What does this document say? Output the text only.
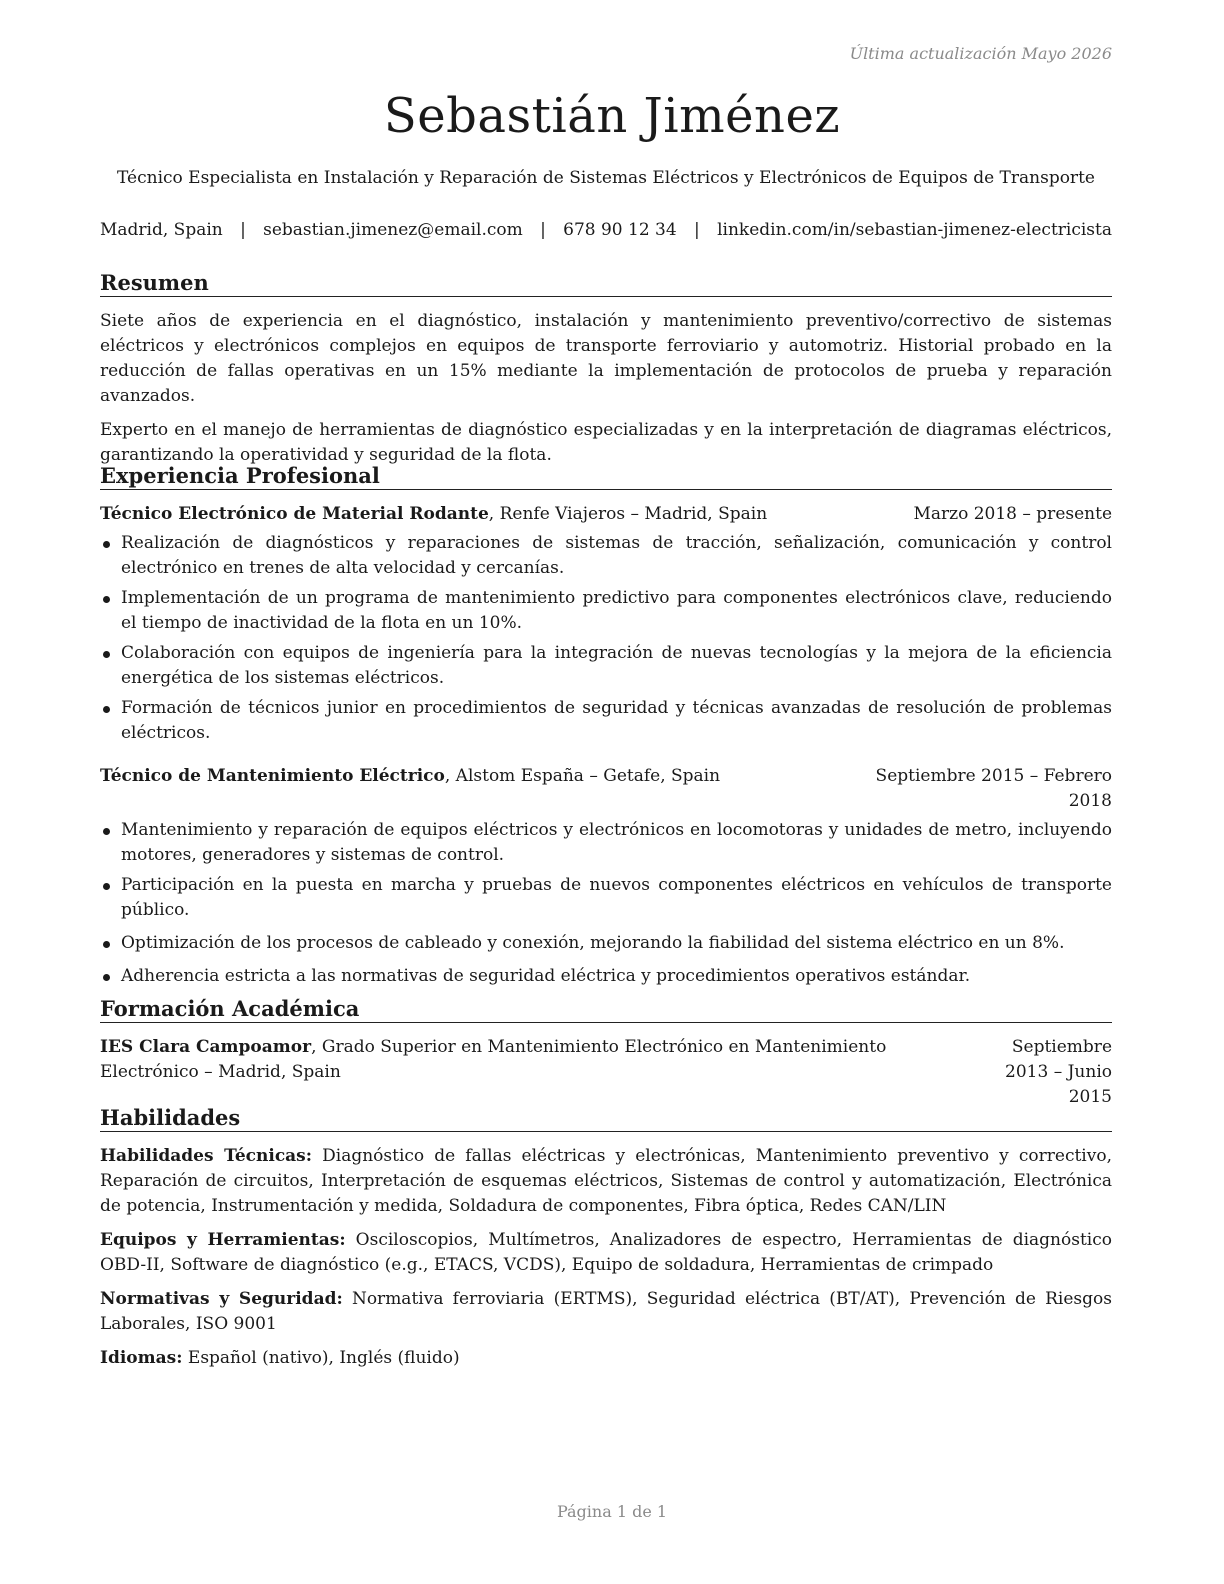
Última actualización Mayo 2026
Sebastián Jiménez
Técnico Especialista en Instalación y Reparación de Sistemas Eléctricos y Electrónicos de Equipos de Transporte
Madrid, Spain | sebastian.jimenez@email.com | 678 90 12 34 | linkedin.com/in/sebastian-jimenez-electricista
Resumen

Siete años de experiencia en el diagnóstico, instalación y mantenimiento preventivo/correctivo de sistemas eléctricos y electrónicos complejos en equipos de transporte ferroviario y automotriz. Historial probado en la reducción de fallas operativas en un 15% mediante la implementación de protocolos de prueba y reparación avanzados.

Experto en el manejo de herramientas de diagnóstico especializadas y en la interpretación de diagramas eléctricos, garantizando la operatividad y seguridad de la flota.

Experiencia Profesional
Técnico Electrónico de Material Rodante, Renfe Viajeros – Madrid, Spain	Marzo 2018 – presente
Realización de diagnósticos y reparaciones de sistemas de tracción, señalización, comunicación y control electrónico en trenes de alta velocidad y cercanías.
Implementación de un programa de mantenimiento predictivo para componentes electrónicos clave, reduciendo el tiempo de inactividad de la flota en un 10%.
Colaboración con equipos de ingeniería para la integración de nuevas tecnologías y la mejora de la eficiencia energética de los sistemas eléctricos.
Formación de técnicos junior en procedimientos de seguridad y técnicas avanzadas de resolución de problemas eléctricos.
Técnico de Mantenimiento Eléctrico, Alstom España – Getafe, Spain	Septiembre 2015 – Febrero 2018
Mantenimiento y reparación de equipos eléctricos y electrónicos en locomotoras y unidades de metro, incluyendo motores, generadores y sistemas de control.
Participación en la puesta en marcha y pruebas de nuevos componentes eléctricos en vehículos de transporte público.
Optimización de los procesos de cableado y conexión, mejorando la fiabilidad del sistema eléctrico en un 8%.
Adherencia estricta a las normativas de seguridad eléctrica y procedimientos operativos estándar.
Formación Académica
IES Clara Campoamor, Grado Superior en Mantenimiento Electrónico en Mantenimiento Electrónico – Madrid, Spain
Septiembre 2013 – Junio 2015
Habilidades

Habilidades Técnicas: Diagnóstico de fallas eléctricas y electrónicas, Mantenimiento preventivo y correctivo, Reparación de circuitos, Interpretación de esquemas eléctricos, Sistemas de control y automatización, Electrónica de potencia, Instrumentación y medida, Soldadura de componentes, Fibra óptica, Redes CAN/LIN

Equipos y Herramientas: Osciloscopios, Multímetros, Analizadores de espectro, Herramientas de diagnóstico OBD-II, Software de diagnóstico (e.g., ETACS, VCDS), Equipo de soldadura, Herramientas de crimpado

Normativas y Seguridad: Normativa ferroviaria (ERTMS), Seguridad eléctrica (BT/AT), Prevención de Riesgos Laborales, ISO 9001

Idiomas: Español (nativo), Inglés (fluido)

Página 1 de 1
